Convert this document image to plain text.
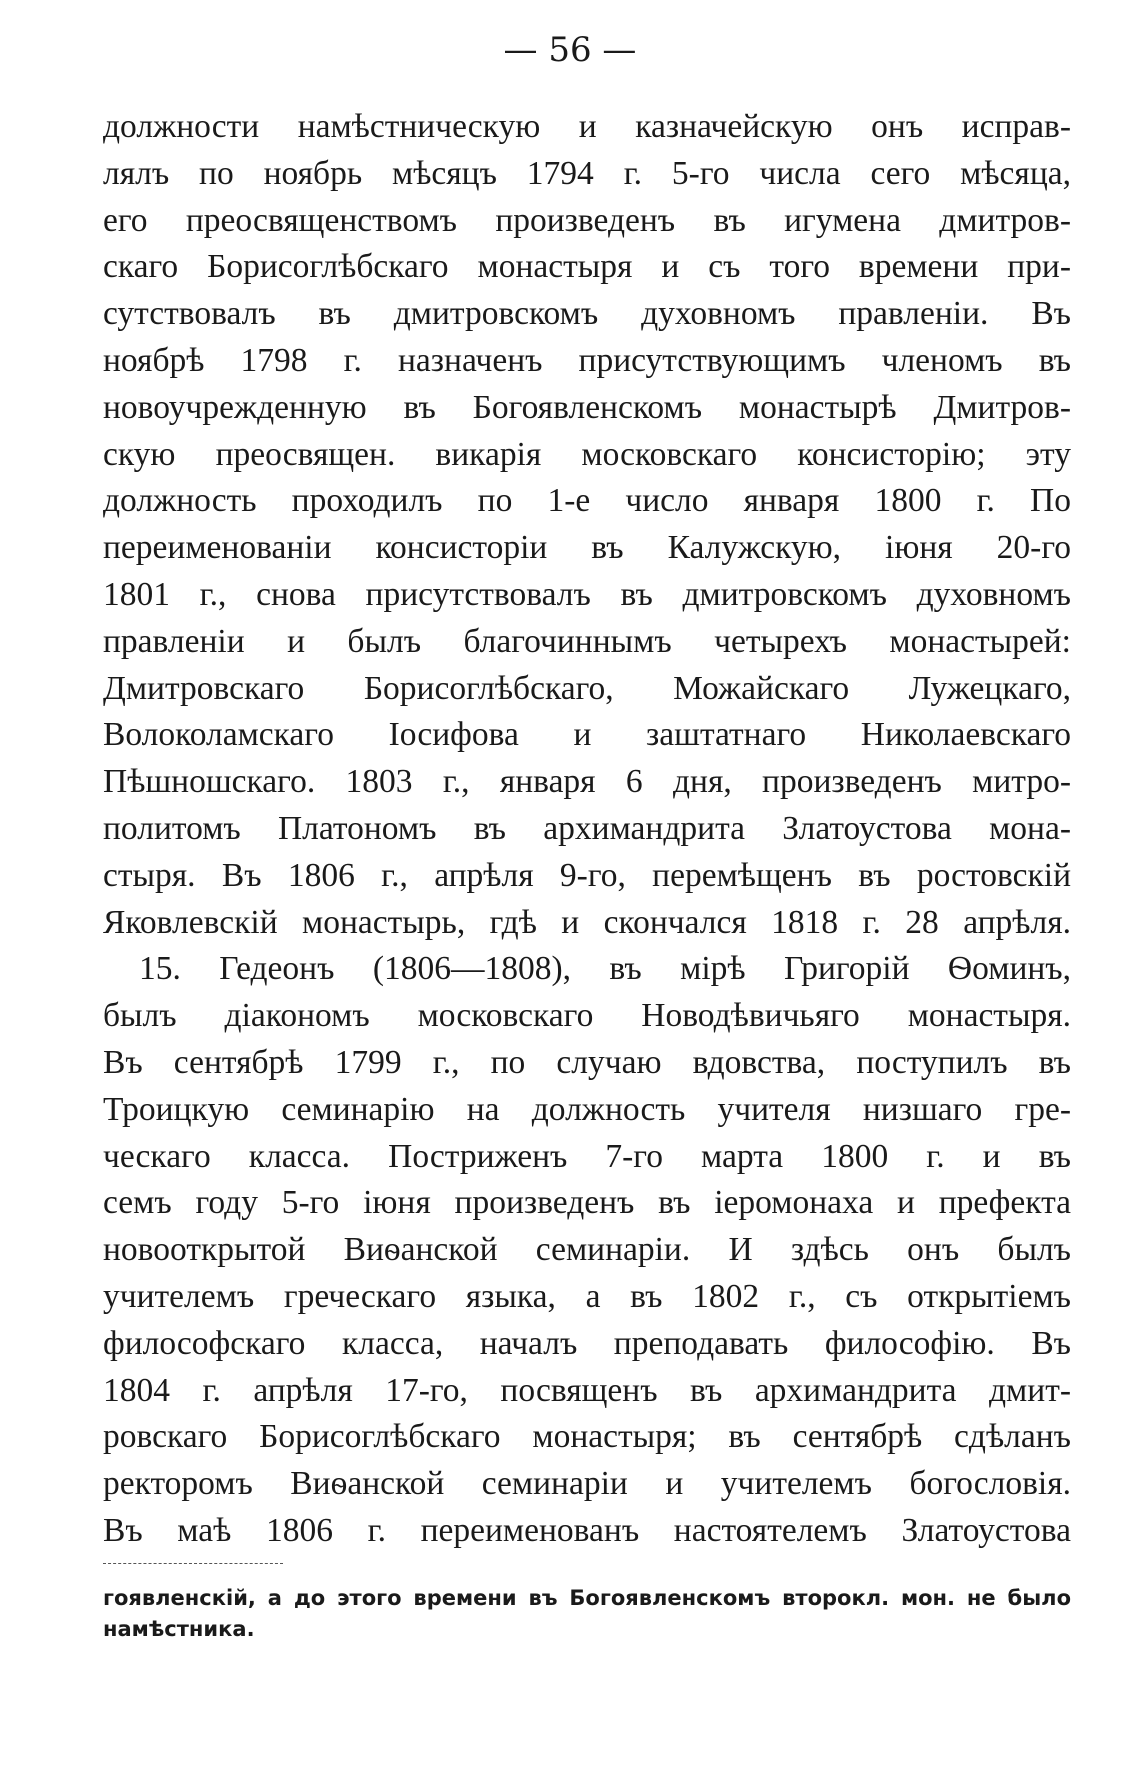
— 56 —
должности намѣстническую и казначейскую онъ исправ-
лялъ по ноябрь мѣсяцъ 1794 г. 5-го числа сего мѣсяца,
его преосвященствомъ произведенъ въ игумена дмитров-
скаго Борисоглѣбскаго монастыря и съ того времени при-
сутствовалъ въ дмитровскомъ духовномъ правленіи. Въ
ноябрѣ 1798 г. назначенъ присутствующимъ членомъ въ
новоучрежденную въ Богоявленскомъ монастырѣ Дмитров-
скую преосвящен. викарія московскаго консисторію; эту
должность проходилъ по 1-е число января 1800 г. По
переименованіи консисторіи въ Калужскую, іюня 20-го
1801 г., снова присутствовалъ въ дмитровскомъ духовномъ
правленіи и былъ благочиннымъ четырехъ монастырей:
Дмитровскаго Борисоглѣбскаго, Можайскаго Лужецкаго,
Волоколамскаго Іосифова и заштатнаго Николаевскаго
Пѣшношскаго. 1803 г., января 6 дня, произведенъ митро-
политомъ Платономъ въ архимандрита Златоустова мона-
стыря. Въ 1806 г., апрѣля 9-го, перемѣщенъ въ ростовскій
Яковлевскій монастырь, гдѣ и скончался 1818 г. 28 апрѣля.
15. Гедеонъ (1806—1808), въ мірѣ Григорій Ѳоминъ,
былъ діакономъ московскаго Новодѣвичьяго монастыря.
Въ сентябрѣ 1799 г., по случаю вдовства, поступилъ въ
Троицкую семинарію на должность учителя низшаго гре-
ческаго класса. Постриженъ 7-го марта 1800 г. и въ
семъ году 5-го іюня произведенъ въ іеромонаха и префекта
новооткрытой Виѳанской семинаріи. И здѣсь онъ былъ
учителемъ греческаго языка, а въ 1802 г., съ открытіемъ
философскаго класса, началъ преподавать философію. Въ
1804 г. апрѣля 17-го, посвященъ въ архимандрита дмит-
ровскаго Борисоглѣбскаго монастыря; въ сентябрѣ сдѣланъ
ректоромъ Виѳанской семинаріи и учителемъ богословія.
Въ маѣ 1806 г. переименованъ настоятелемъ Златоустова
гоявленскій, а до этого времени въ Богоявленскомъ второкл. мон. не было
намѣстника.
